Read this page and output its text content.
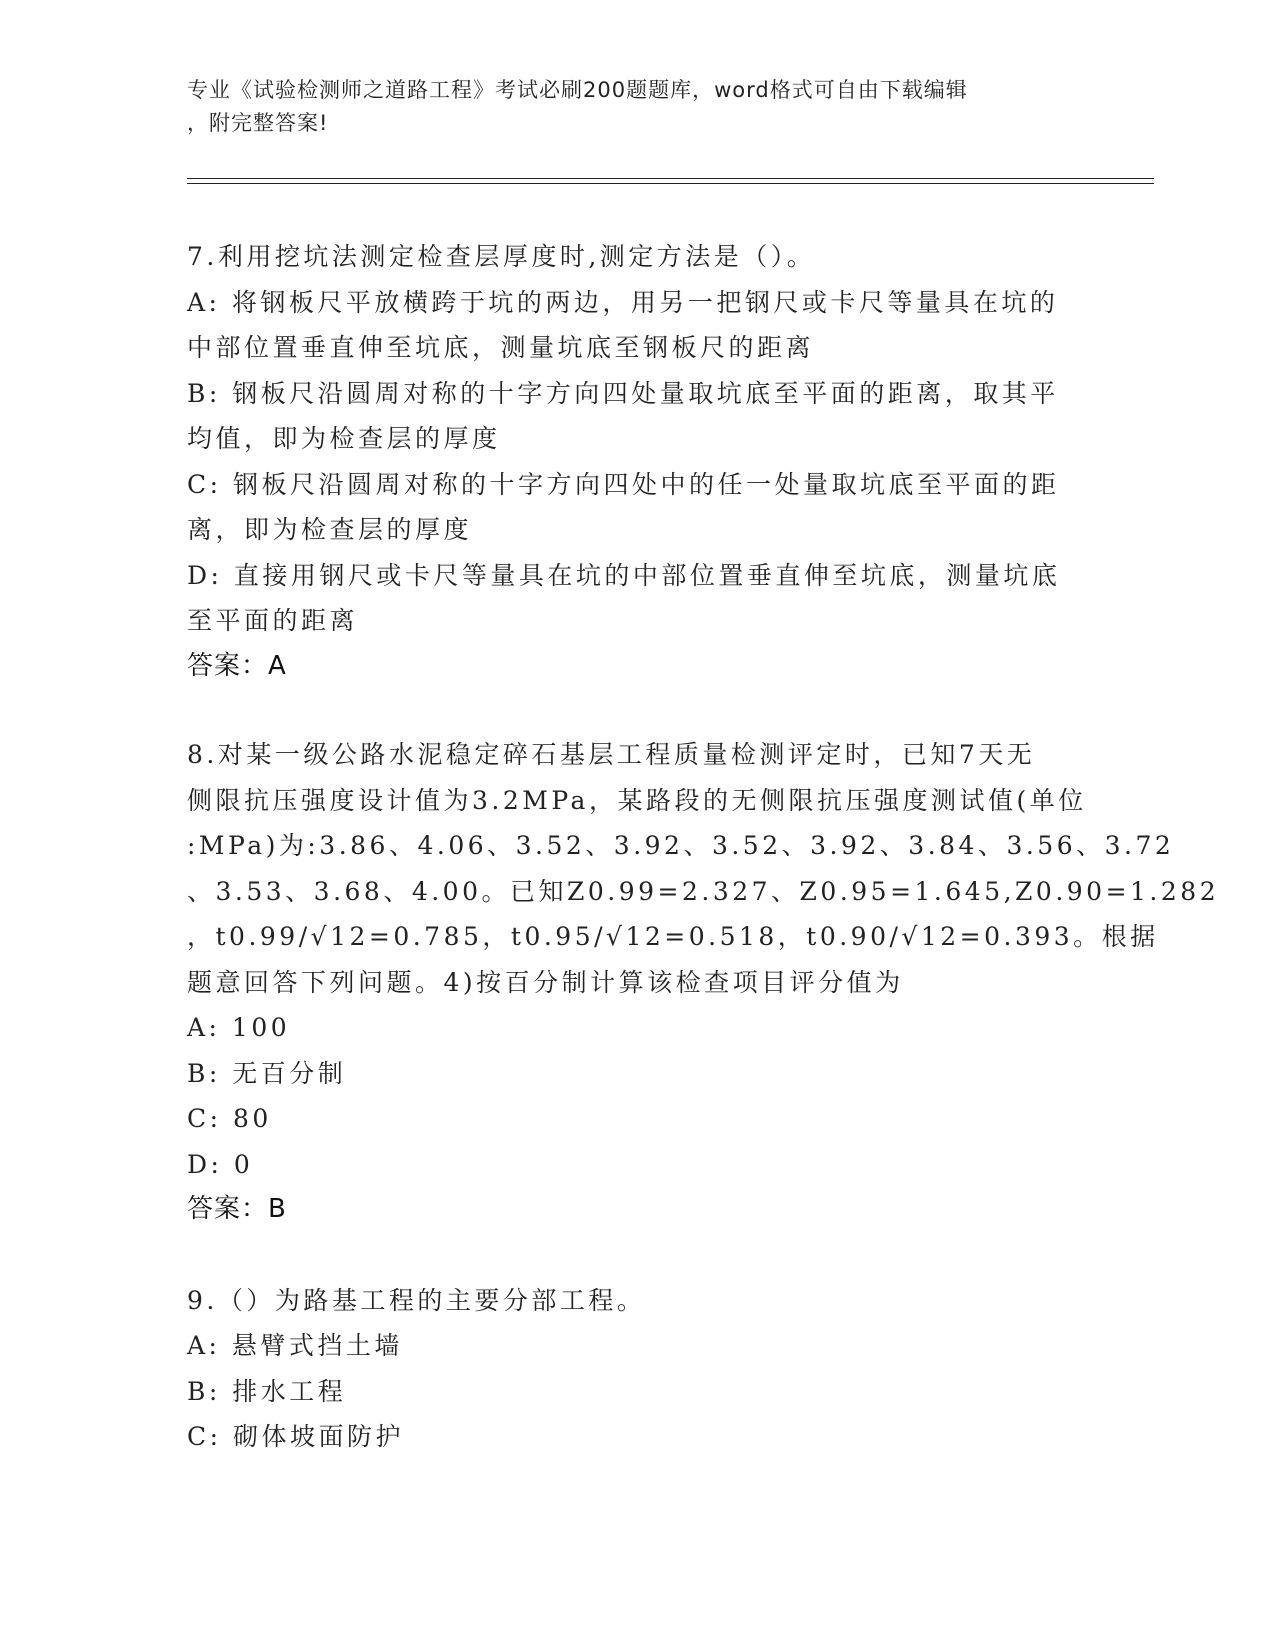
专业《试验检测师之道路工程》考试必刷200题题库，word格式可自由下载编辑
，附完整答案!
7.利用挖坑法测定检查层厚度时,测定方法是（）。
A: 将钢板尺平放横跨于坑的两边，用另一把钢尺或卡尺等量具在坑的
中部位置垂直伸至坑底，测量坑底至钢板尺的距离
B: 钢板尺沿圆周对称的十字方向四处量取坑底至平面的距离，取其平
均值，即为检查层的厚度
C: 钢板尺沿圆周对称的十字方向四处中的任一处量取坑底至平面的距
离，即为检查层的厚度
D: 直接用钢尺或卡尺等量具在坑的中部位置垂直伸至坑底，测量坑底
至平面的距离
答案：A
8.对某一级公路水泥稳定碎石基层工程质量检测评定时，已知7天无
侧限抗压强度设计值为3.2MPa，某路段的无侧限抗压强度测试值(单位
:MPa)为:3.86、4.06、3.52、3.92、3.52、3.92、3.84、3.56、3.72
、3.53、3.68、4.00。已知Z0.99=2.327、Z0.95=1.645,Z0.90=1.282
，t0.99/√12=0.785，t0.95/√12=0.518，t0.90/√12=0.393。根据
题意回答下列问题。4)按百分制计算该检查项目评分值为
A: 100
B: 无百分制
C: 80
D: 0
答案：B
9.（）为路基工程的主要分部工程。
A: 悬臂式挡土墙
B: 排水工程
C: 砌体坡面防护
